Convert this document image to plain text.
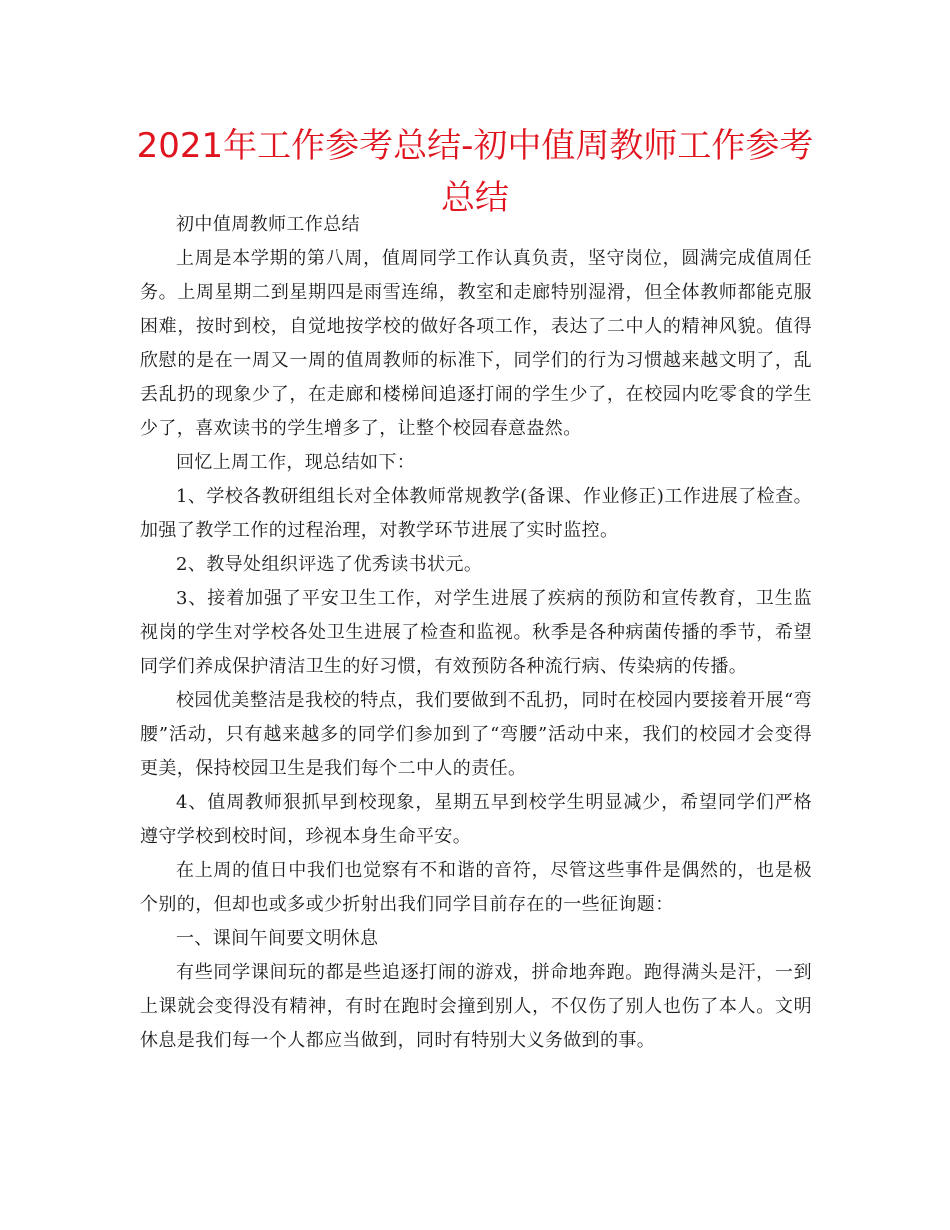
2021年工作参考总结-初中值周教师工作参考总结

初中值周教师工作总结

上周是本学期的第八周，值周同学工作认真负责，坚守岗位，圆满完成值周任务。上周星期二到星期四是雨雪连绵，教室和走廊特别湿滑，但全体教师都能克服困难，按时到校，自觉地按学校的做好各项工作，表达了二中人的精神风貌。值得欣慰的是在一周又一周的值周教师的标准下，同学们的行为习惯越来越文明了，乱丢乱扔的现象少了，在走廊和楼梯间追逐打闹的学生少了，在校园内吃零食的学生少了，喜欢读书的学生增多了，让整个校园春意盎然。

回忆上周工作，现总结如下：

1、学校各教研组组长对全体教师常规教学(备课、作业修正)工作进展了检查。加强了教学工作的过程治理，对教学环节进展了实时监控。

2、教导处组织评选了优秀读书状元。

3、接着加强了平安卫生工作，对学生进展了疾病的预防和宣传教育，卫生监视岗的学生对学校各处卫生进展了检查和监视。秋季是各种病菌传播的季节，希望同学们养成保护清洁卫生的好习惯，有效预防各种流行病、传染病的传播。

校园优美整洁是我校的特点，我们要做到不乱扔，同时在校园内要接着开展“弯腰”活动，只有越来越多的同学们参加到了“弯腰”活动中来，我们的校园才会变得更美，保持校园卫生是我们每个二中人的责任。

4、值周教师狠抓早到校现象，星期五早到校学生明显减少，希望同学们严格遵守学校到校时间，珍视本身生命平安。

在上周的值日中我们也觉察有不和谐的音符，尽管这些事件是偶然的，也是极个别的，但却也或多或少折射出我们同学目前存在的一些征询题：

一、课间午间要文明休息

有些同学课间玩的都是些追逐打闹的游戏，拼命地奔跑。跑得满头是汗，一到上课就会变得没有精神，有时在跑时会撞到别人，不仅伤了别人也伤了本人。文明休息是我们每一个人都应当做到，同时有特别大义务做到的事。
